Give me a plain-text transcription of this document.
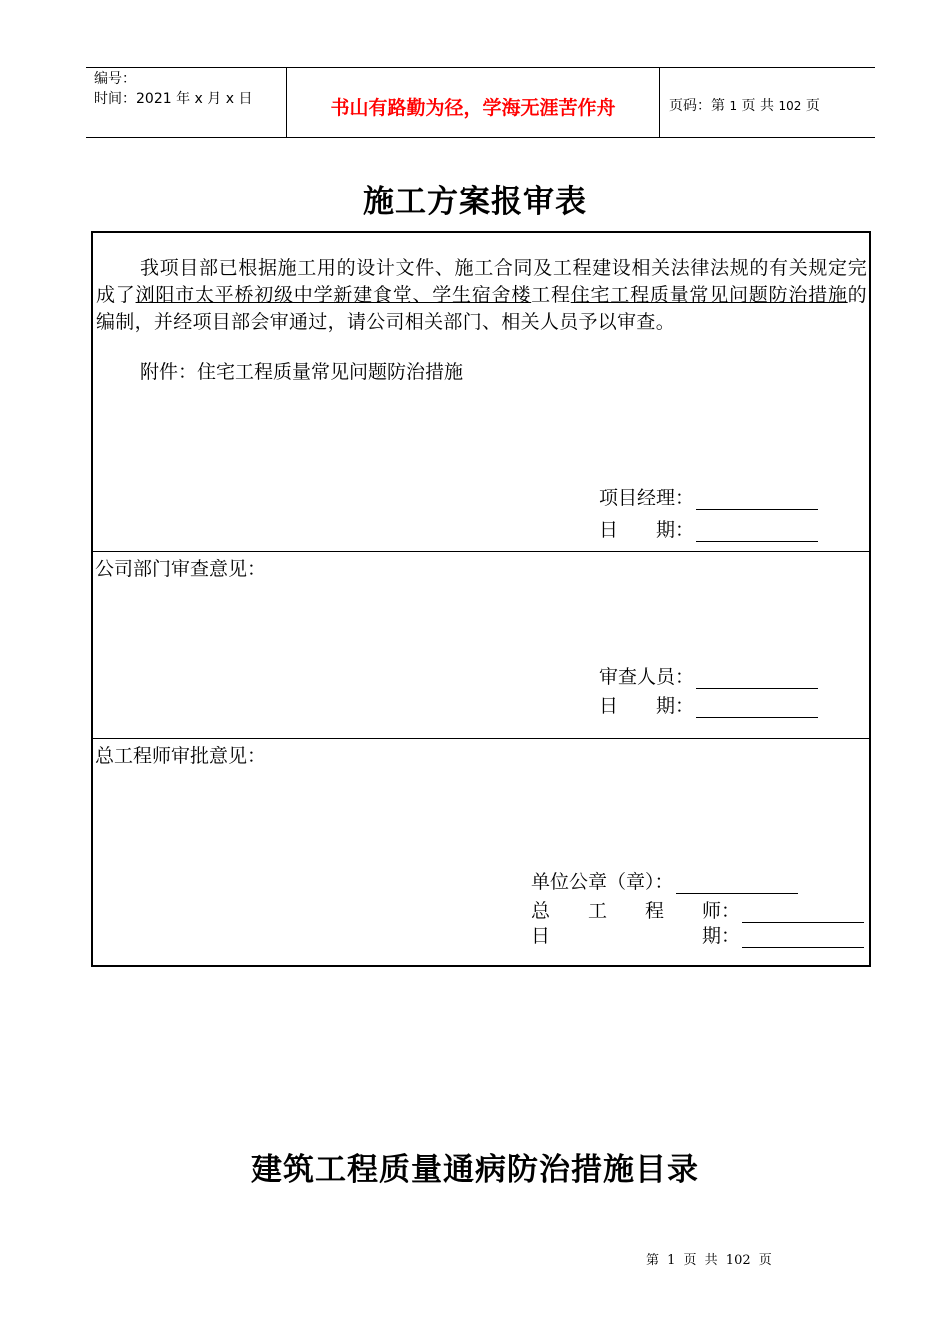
编号：
时间：2021 年 x 月 x 日	书山有路勤为径，学海无涯苦作舟	页码：第 1 页 共 102 页
施工方案报审表
我项目部已根据施工用的设计文件、施工合同及工程建设相关法律法规的有关规定完成了浏阳市太平桥初级中学新建食堂、学生宿舍楼工程住宅工程质量常见问题防治措施的编制，并经项目部会审通过，请公司相关部门、相关人员予以审查。
附件：住宅工程质量常见问题防治措施
项目经理：
日　　期：
公司部门审查意见：
审查人员：
日　　期：
总工程师审批意见：
单位公章（章）：
总　　工　　程　　师：
日　　　　　　　　期：
建筑工程质量通病防治措施目录
第 1 页 共 102 页
